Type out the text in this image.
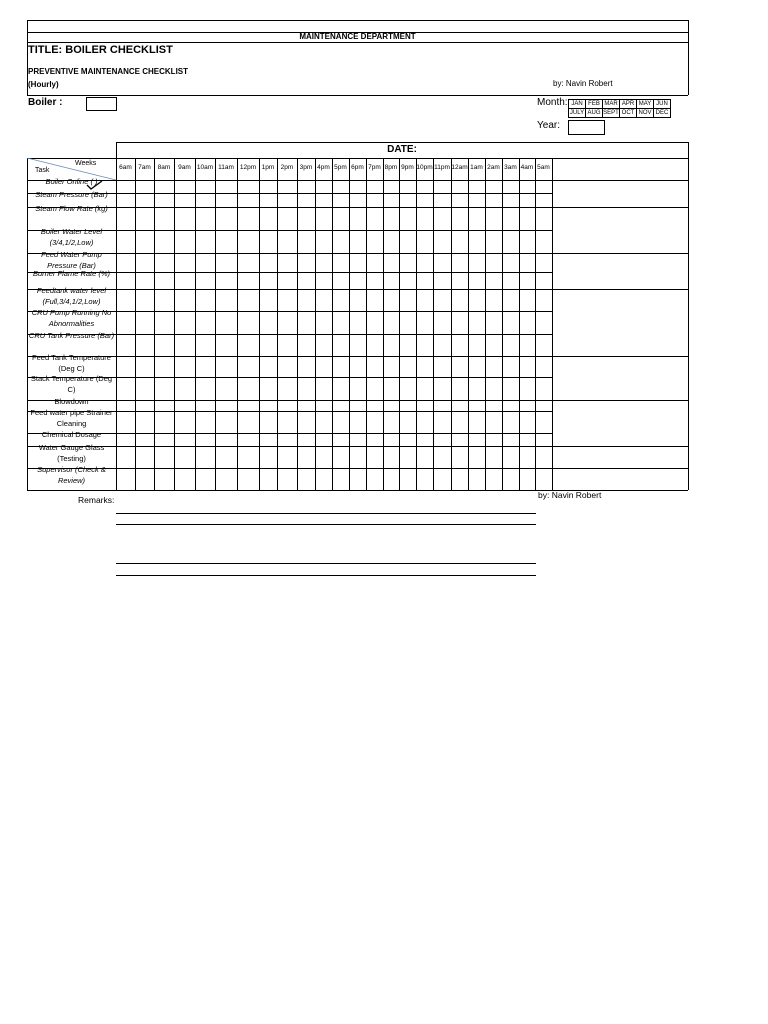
MAINTENANCE DEPARTMENT
TITLE: BOILER CHECKLIST
PREVENTIVE MAINTENANCE CHECKLIST
(Hourly)	by: Navin Robert
Boiler :	Month: JAN	FEB	MAR	APR	MAY	JUN
JULY	AUG	SEPT	OCT	NOV	DEC
Year:
6am 7am	8am	9am 10am 11am 12pm 1pm 2pm 3pm 4pm 5pm 6pm 7pm 8pm 9pm 10pm 11pm 12am 1am 2am 3am 4am 5am
Boiler Online ( )
Steam Pressure (Bar)
Steam Flow Rate (kg)
Boiler Water Level (3/4,1/2,Low)
Feed Water Pump Pressure (Bar)
Burner Flame Rate (%)
Feedtank water level (Full,3/4,1/2,Low)
CRU Pump Running No Abnormalities
CRU Tank Pressure (Bar)
Feed Tank Temperature (Deg C)
Stack Temperature (Deg C)
Blowdown
Feed water pipe Strainer Cleaning
Chemical Dosage
Water Gauge Glass (Testing)
Supervisor (Check & Review)
DATE:
Weeks
Task
Remarks:	by: Navin Robert
